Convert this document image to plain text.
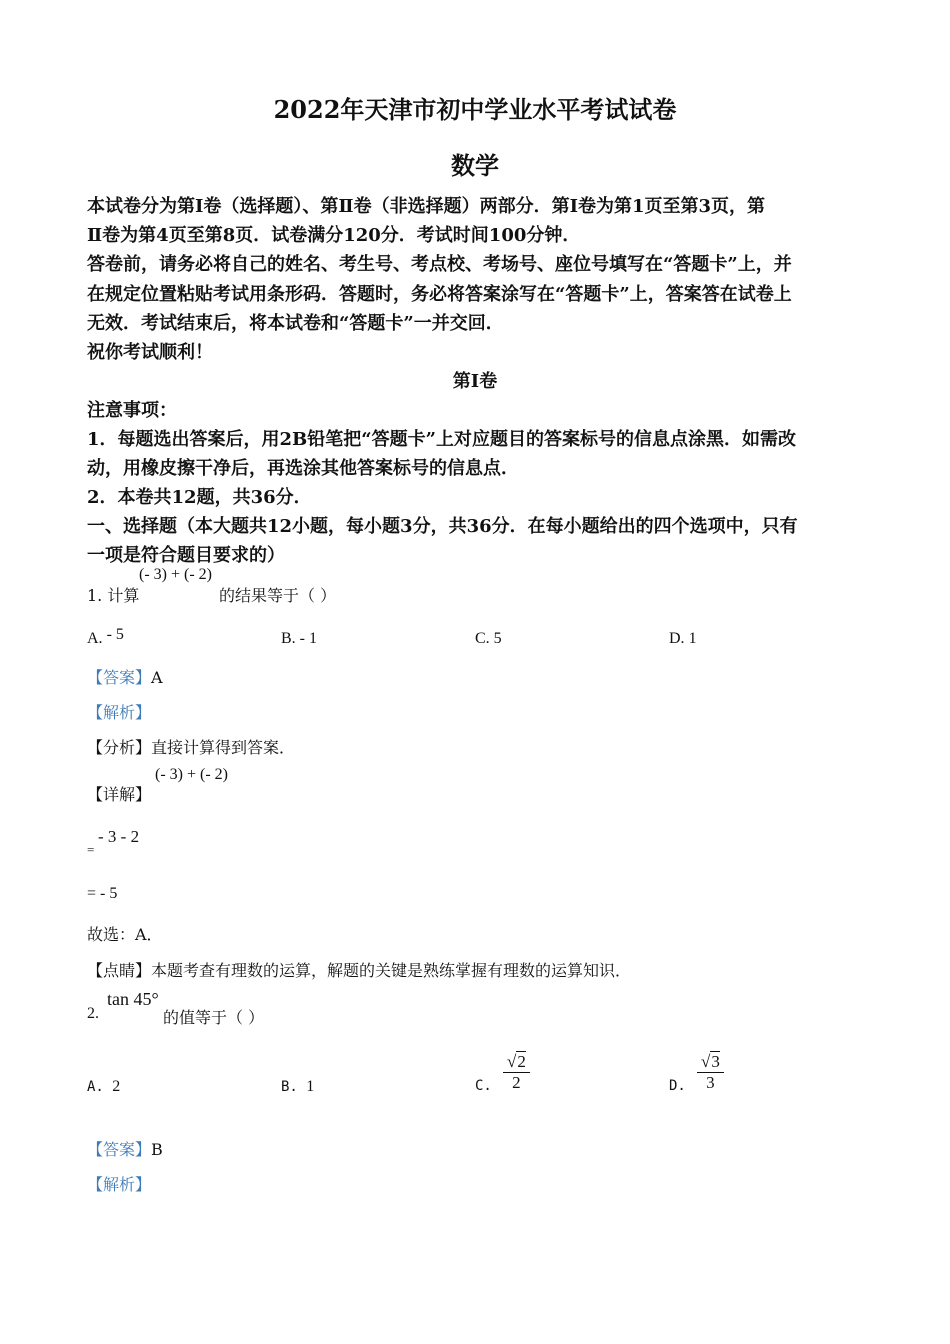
2022年天津市初中学业水平考试试卷
数学
本试卷分为第Ⅰ卷（选择题）、第Ⅱ卷（非选择题）两部分．第Ⅰ卷为第1页至第3页，第
Ⅱ卷为第4页至第8页．试卷满分120分．考试时间100分钟．
答卷前，请务必将自己的姓名、考生号、考点校、考场号、座位号填写在“答题卡”上，并
在规定位置粘贴考试用条形码．答题时，务必将答案涂写在“答题卡”上，答案答在试卷上
无效．考试结束后，将本试卷和“答题卡”一并交回．
祝你考试顺利！
第Ⅰ卷
注意事项：
1．每题选出答案后，用2B铅笔把“答题卡”上对应题目的答案标号的信息点涂黑．如需改
动，用橡皮擦干净后，再选涂其他答案标号的信息点．
2．本卷共12题，共36分．
一、选择题（本大题共12小题，每小题3分，共36分．在每小题给出的四个选项中，只有
一项是符合题目要求的）
1. 计算
(- 3) + (- 2)
的结果等于（ ）
A. - 5	B. - 1	C. 5	D. 1
【答案】A
【解析】
【分析】直接计算得到答案．
【详解】
(- 3) + (- 2)
=
- 3 - 2
= - 5
故选：A．
【点睛】本题考查有理数的运算，解题的关键是熟练掌握有理数的运算知识．
2.
tan 45°
的值等于（ ）
A. 2	B. 1	C. $\frac{√2}{2}$	D. $\frac{√3}{3}$
【答案】B
【解析】
